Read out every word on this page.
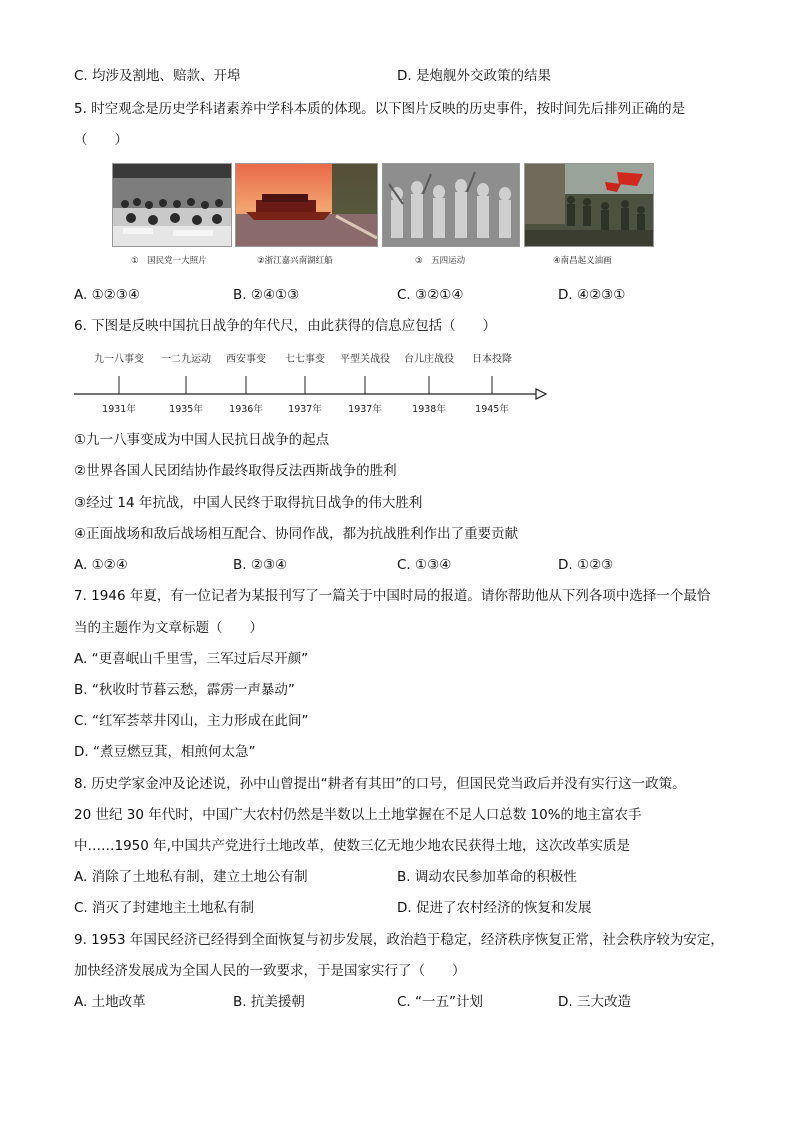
C. 均涉及割地、赔款、开埠	D. 是炮舰外交政策的结果
5. 时空观念是历史学科诸素养中学科本质的体现。以下图片反映的历史事件，按时间先后排列正确的是
（　　）
①　国民党一大照片	②浙江嘉兴南湖红船	③　五四运动	④南昌起义油画
A. ①②③④	B. ②④①③	C. ③②①④	D. ④②③①
6. 下图是反映中国抗日战争的年代尺，由此获得的信息应包括（　　）
九一八事变 一二九运动 西安事变 七七事变 平型关战役 台儿庄战役 日本投降
1931年	1935年	1936年	1937年	1937年	1938年	1945年
①九一八事变成为中国人民抗日战争的起点
②世界各国人民团结协作最终取得反法西斯战争的胜利
③经过 14 年抗战，中国人民终于取得抗日战争的伟大胜利
④正面战场和敌后战场相互配合、协同作战，都为抗战胜利作出了重要贡献
A. ①②④	B. ②③④	C. ①③④	D. ①②③
7. 1946 年夏，有一位记者为某报刊写了一篇关于中国时局的报道。请你帮助他从下列各项中选择一个最恰
当的主题作为文章标题（　　）
A. “更喜岷山千里雪，三军过后尽开颜”
B. “秋收时节暮云愁，霹雳一声暴动”
C. “红军荟萃井冈山，主力形成在此间”
D. “煮豆燃豆萁，相煎何太急”
8. 历史学家金冲及论述说，孙中山曾提出“耕者有其田”的口号，但国民党当政后并没有实行这一政策。
20 世纪 30 年代时，中国广大农村仍然是半数以上土地掌握在不足人口总数 10%的地主富农手
中……1950 年,中国共产党进行土地改革，使数三亿无地少地农民获得土地，这次改革实质是
A. 消除了土地私有制，建立土地公有制	B. 调动农民参加革命的积极性
C. 消灭了封建地主土地私有制	D. 促进了农村经济的恢复和发展
9. 1953 年国民经济已经得到全面恢复与初步发展，政治趋于稳定，经济秩序恢复正常，社会秩序较为安定，
加快经济发展成为全国人民的一致要求，于是国家实行了（　　）
A. 土地改革	B. 抗美援朝	C. “一五”计划	D. 三大改造
